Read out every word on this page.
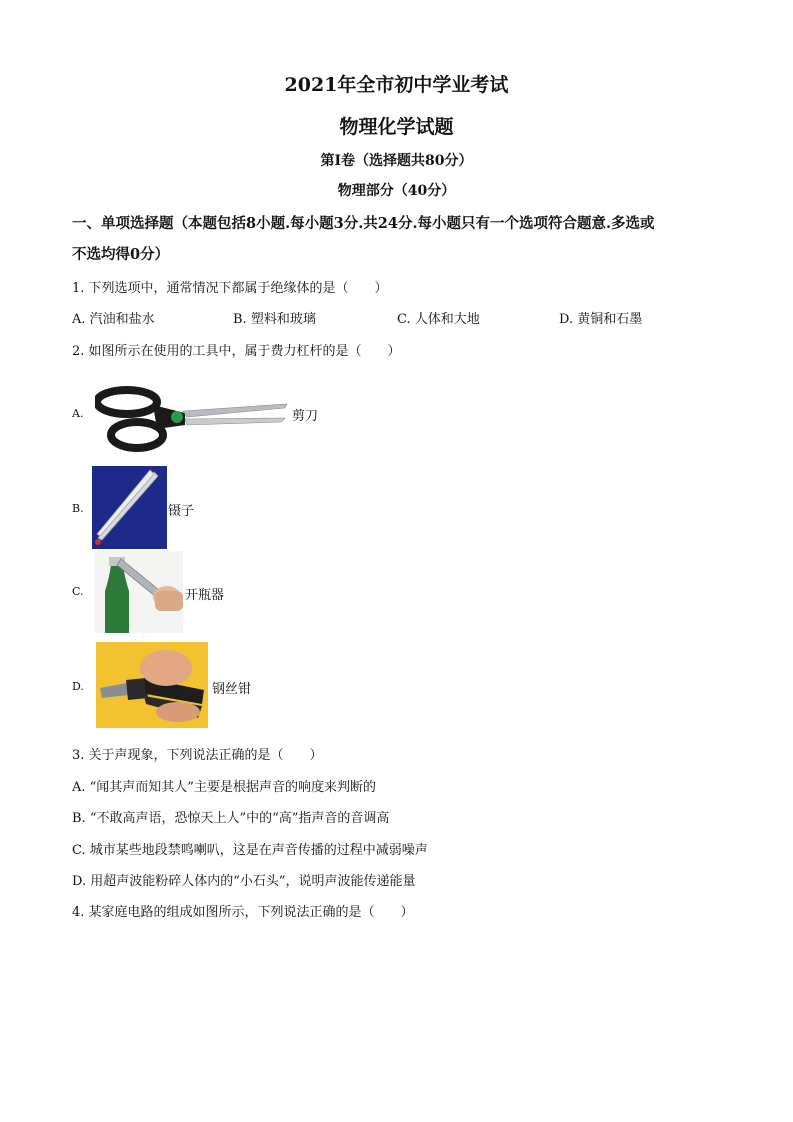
2021年全市初中学业考试
物理化学试题
第Ⅰ卷（选择题共80分）
物理部分（40分）
一、单项选择题（本题包括8小题.每小题3分.共24分.每小题只有一个选项符合题意.多选或
不选均得0分）
1. 下列选项中，通常情况下都属于绝缘体的是（　　）
A. 汽油和盐水	B. 塑料和玻璃	C. 人体和大地	D. 黄铜和石墨
2. 如图所示在使用的工具中，属于费力杠杆的是（　　）
A.	剪刀
B.	镊子
C.	开瓶器
D.	钢丝钳
3. 关于声现象，下列说法正确的是（　　）
A. “闻其声而知其人”主要是根据声音的响度来判断的
B. “不敢高声语，恐惊天上人”中的“高”指声音的音调高
C. 城市某些地段禁鸣喇叭，这是在声音传播的过程中减弱噪声
D. 用超声波能粉碎人体内的“小石头”，说明声波能传递能量
4. 某家庭电路的组成如图所示，下列说法正确的是（　　）
